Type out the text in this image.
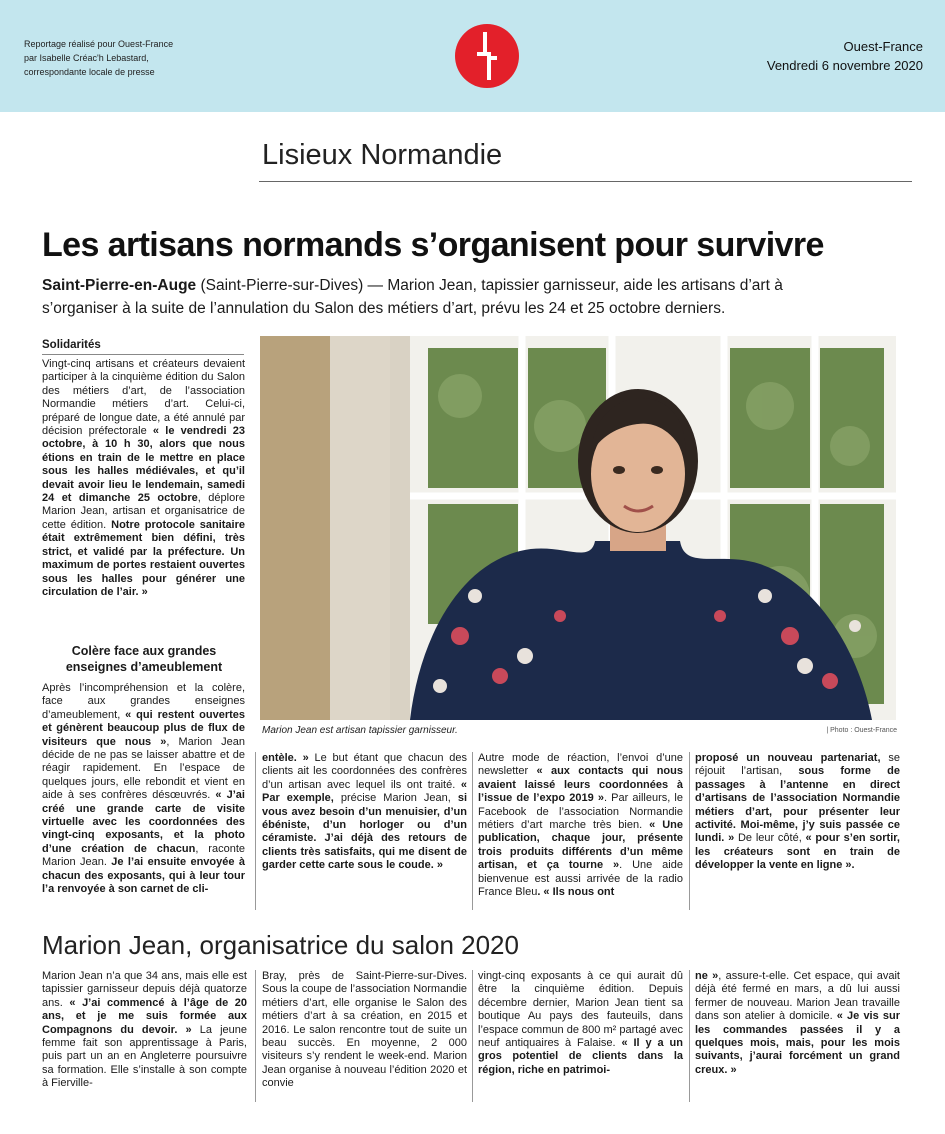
Reportage réalisé pour Ouest-France
par Isabelle Créac'h Lebastard,
correspondante locale de presse
Ouest-France
Vendredi 6 novembre 2020
Lisieux Normandie
Les artisans normands s’organisent pour survivre
Saint-Pierre-en-Auge (Saint-Pierre-sur-Dives) — Marion Jean, tapissier garnisseur, aide les artisans d’art à s’organiser à la suite de l’annulation du Salon des métiers d’art, prévu les 24 et 25 octobre derniers.
Solidarités
Vingt-cinq artisans et créateurs devaient participer à la cinquième édition du Salon des métiers d’art, de l’association Normandie métiers d’art. Celui-ci, préparé de longue date, a été annulé par décision préfectorale « le vendredi 23 octobre, à 10 h 30, alors que nous étions en train de le mettre en place sous les halles médiévales, et qu’il devait avoir lieu le lendemain, samedi 24 et dimanche 25 octobre, déplore Marion Jean, artisan et organisatrice de cette édition. Notre protocole sanitaire était extrêmement bien défini, très strict, et validé par la préfecture. Un maximum de portes restaient ouvertes sous les halles pour générer une circulation de l’air. »
Colère face aux grandes enseignes d’ameublement
Après l’incompréhension et la colère, face aux grandes enseignes d’ameublement, « qui restent ouvertes et génèrent beaucoup plus de flux de visiteurs que nous », Marion Jean décide de ne pas se laisser abattre et de réagir rapidement. En l’espace de quelques jours, elle rebondit et vient en aide à ses confrères désœuvrés. « J’ai créé une grande carte de visite virtuelle avec les coordonnées des vingt-cinq exposants, et la photo d’une création de chacun, raconte Marion Jean. Je l’ai ensuite envoyée à chacun des exposants, qui à leur tour l’a renvoyée à son carnet de cli-
Marion Jean est artisan tapissier garnisseur.	| Photo : Ouest-France
entèle. » Le but étant que chacun des clients ait les coordonnées des confrères d’un artisan avec lequel ils ont traité. « Par exemple, précise Marion Jean, si vous avez besoin d’un menuisier, d’un ébéniste, d’un horloger ou d’un céramiste. J’ai déjà des retours de clients très satisfaits, qui me disent de garder cette carte sous le coude. »
Autre mode de réaction, l’envoi d’une newsletter « aux contacts qui nous avaient laissé leurs coordonnées à l’issue de l’expo 2019 ». Par ailleurs, le Facebook de l’association Normandie métiers d’art marche très bien. « Une publication, chaque jour, présente trois produits différents d’un même artisan, et ça tourne ». Une aide bienvenue est aussi arrivée de la radio France Bleu. « Ils nous ont
proposé un nouveau partenariat, se réjouit l’artisan, sous forme de passages à l’antenne en direct d’artisans de l’association Normandie métiers d’art, pour présenter leur activité. Moi-même, j’y suis passée ce lundi. » De leur côté, « pour s’en sortir, les créateurs sont en train de développer la vente en ligne ».
Marion Jean, organisatrice du salon 2020
Marion Jean n’a que 34 ans, mais elle est tapissier garnisseur depuis déjà quatorze ans. « J’ai commencé à l’âge de 20 ans, et je me suis formée aux Compagnons du devoir. » La jeune femme fait son apprentissage à Paris, puis part un an en Angleterre poursuivre sa formation. Elle s’installe à son compte à Fierville-
Bray, près de Saint-Pierre-sur-Dives. Sous la coupe de l’association Normandie métiers d’art, elle organise le Salon des métiers d’art à sa création, en 2015 et 2016. Le salon rencontre tout de suite un beau succès. En moyenne, 2 000 visiteurs s’y rendent le week-end. Marion Jean organise à nouveau l’édition 2020 et convie
vingt-cinq exposants à ce qui aurait dû être la cinquième édition. Depuis décembre dernier, Marion Jean tient sa boutique Au pays des fauteuils, dans l’espace commun de 800 m² partagé avec neuf antiquaires à Falaise. « Il y a un gros potentiel de clients dans la région, riche en patrimoi-
ne », assure-t-elle. Cet espace, qui avait déjà été fermé en mars, a dû lui aussi fermer de nouveau. Marion Jean travaille dans son atelier à domicile. « Je vis sur les commandes passées il y a quelques mois, mais, pour les mois suivants, j’aurai forcément un grand creux. »
